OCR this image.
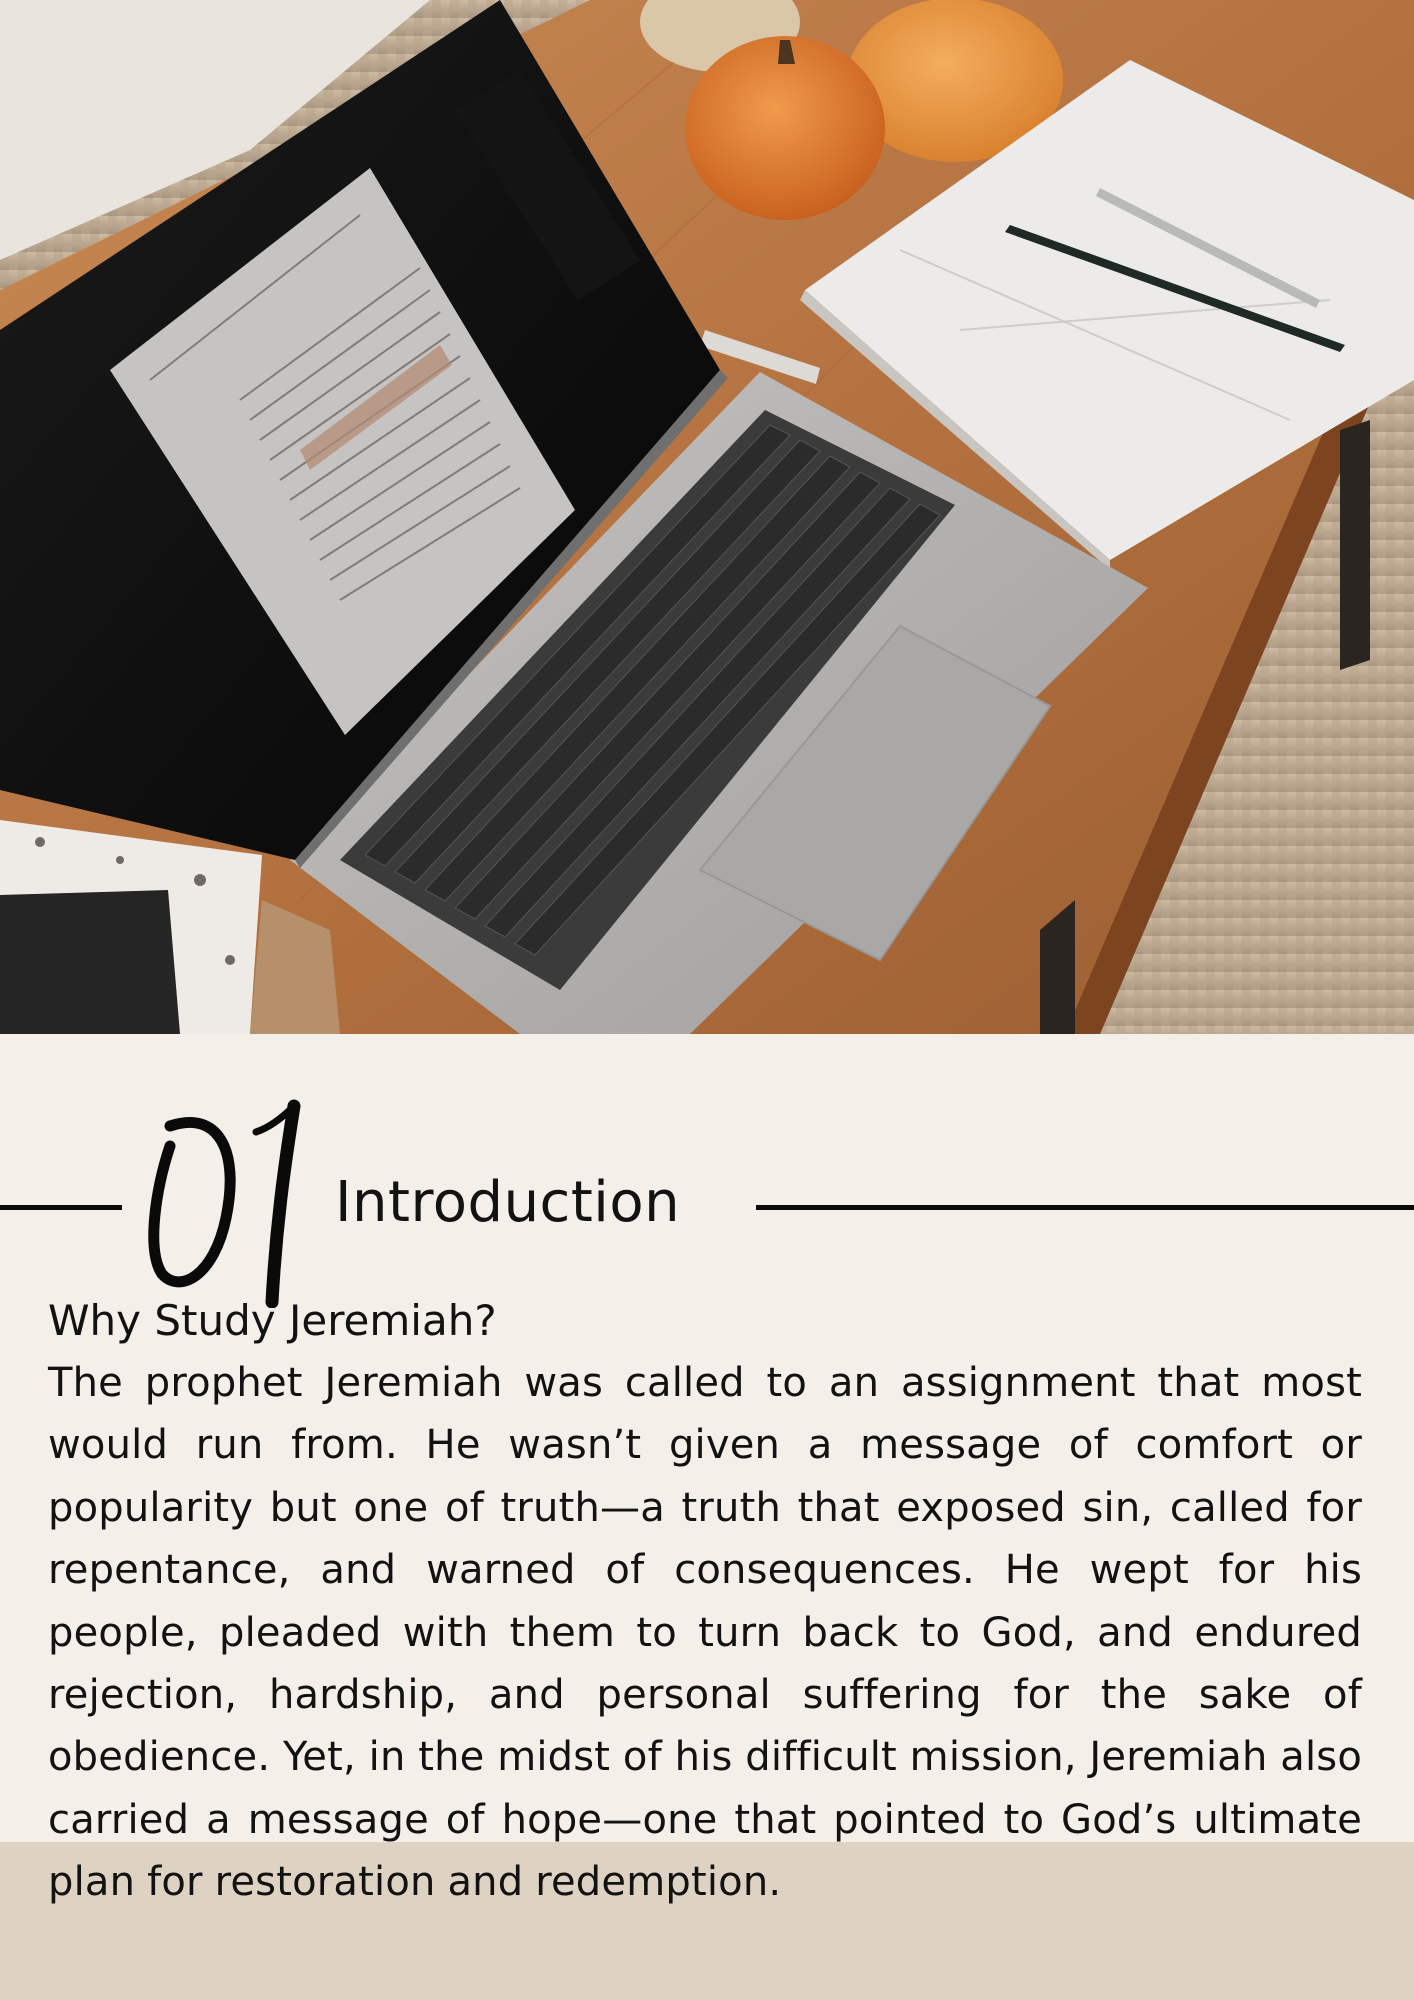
Introduction
Why Study Jeremiah?

The prophet Jeremiah was called to an assignment that most would run from. He wasn’t given a message of comfort or popularity but one of truth—a truth that exposed sin, called for repentance, and warned of consequences. He wept for his people, pleaded with them to turn back to God, and endured rejection, hardship, and personal suffering for the sake of obedience. Yet, in the midst of his difficult mission, Jeremiah also carried a message of hope—one that pointed to God’s ultimate plan for restoration and redemption.
